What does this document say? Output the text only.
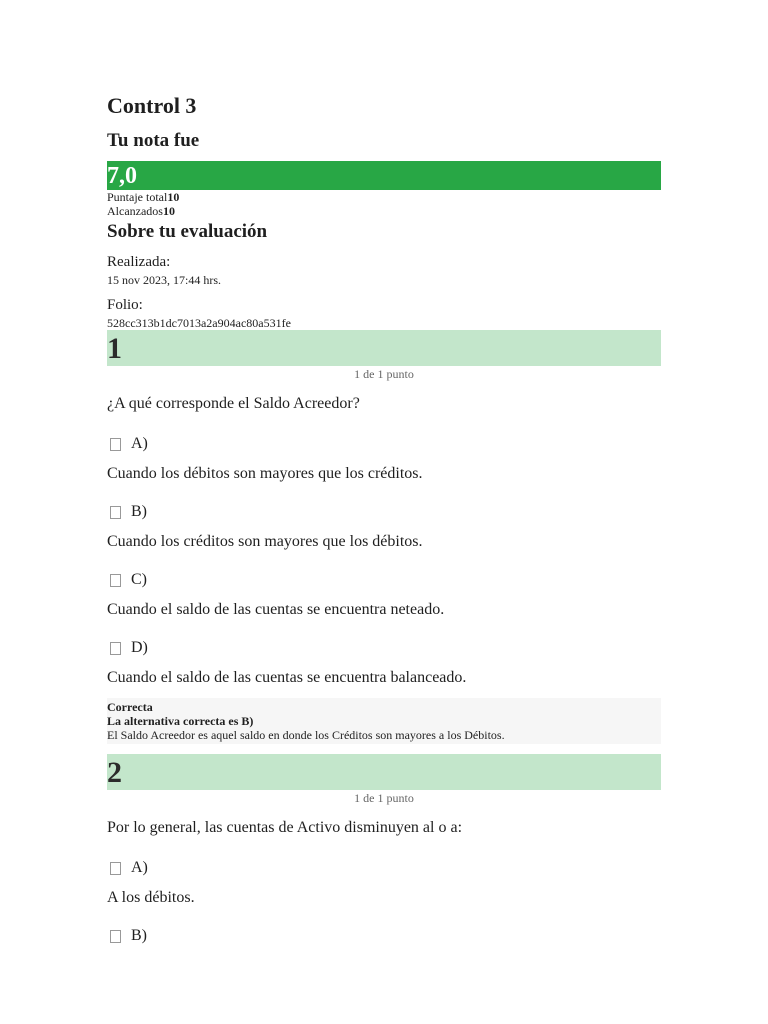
Control 3
Tu nota fue
7,0
Puntaje total10
Alcanzados10
Sobre tu evaluación
Realizada:
15 nov 2023, 17:44 hrs.
Folio:
528cc313b1dc7013a2a904ac80a531fe
1
1 de 1 punto
¿A qué corresponde el Saldo Acreedor?
A)
Cuando los débitos son mayores que los créditos.
B)
Cuando los créditos son mayores que los débitos.
C)
Cuando el saldo de las cuentas se encuentra neteado.
D)
Cuando el saldo de las cuentas se encuentra balanceado.
Correcta
La alternativa correcta es B)
El Saldo Acreedor es aquel saldo en donde los Créditos son mayores a los Débitos.
2
1 de 1 punto
Por lo general, las cuentas de Activo disminuyen al o a:
A)
A los débitos.
B)
